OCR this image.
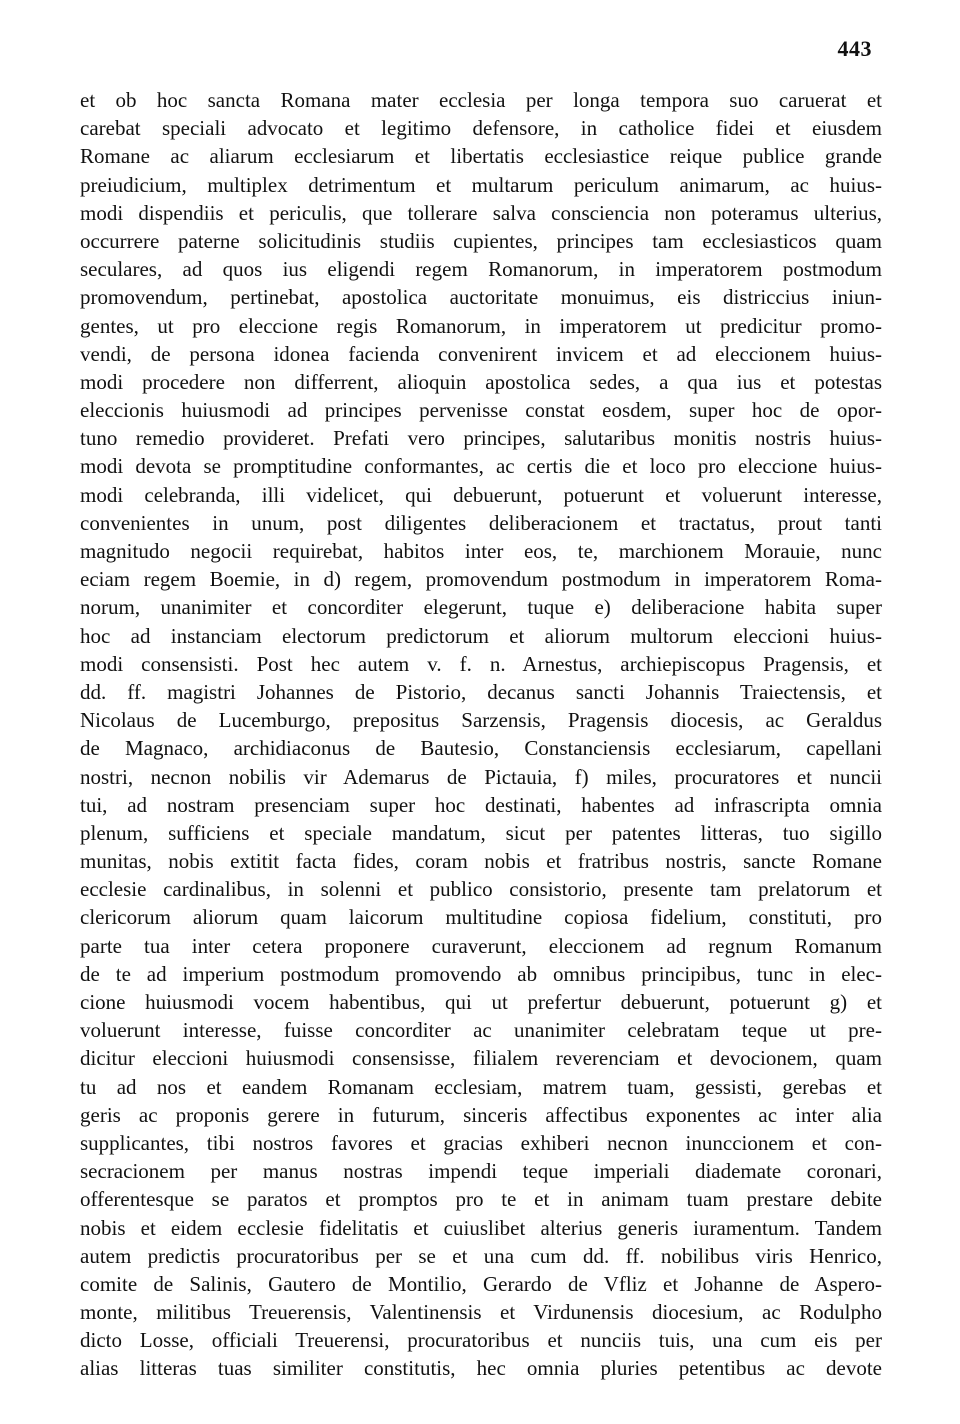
443
et ob hoc sancta Romana mater ecclesia per longa tempora suo caruerat et
carebat speciali advocato et legitimo defensore, in catholice fidei et eiusdem
Romane ac aliarum ecclesiarum et libertatis ecclesiastice reique publice grande
preiudicium, multiplex detrimentum et multarum periculum animarum, ac huius-
modi dispendiis et periculis, que tollerare salva consciencia non poteramus ulterius,
occurrere paterne solicitudinis studiis cupientes, principes tam ecclesiasticos quam
seculares, ad quos ius eligendi regem Romanorum, in imperatorem postmodum
promovendum, pertinebat, apostolica auctoritate monuimus, eis districcius iniun-
gentes, ut pro eleccione regis Romanorum, in imperatorem ut predicitur promo-
vendi, de persona idonea facienda convenirent invicem et ad eleccionem huius-
modi procedere non differrent, alioquin apostolica sedes, a qua ius et potestas
eleccionis huiusmodi ad principes pervenisse constat eosdem, super hoc de opor-
tuno remedio provideret. Prefati vero principes, salutaribus monitis nostris huius-
modi devota se promptitudine conformantes, ac certis die et loco pro eleccione huius-
modi celebranda, illi videlicet, qui debuerunt, potuerunt et voluerunt interesse,
convenientes in unum, post diligentes deliberacionem et tractatus, prout tanti
magnitudo negocii requirebat, habitos inter eos, te, marchionem Morauie, nunc
eciam regem Boemie, in d) regem, promovendum postmodum in imperatorem Roma-
norum, unanimiter et concorditer elegerunt, tuque e) deliberacione habita super
hoc ad instanciam electorum predictorum et aliorum multorum eleccioni huius-
modi consensisti. Post hec autem v. f. n. Arnestus, archiepiscopus Pragensis, et
dd. ff. magistri Johannes de Pistorio, decanus sancti Johannis Traiectensis, et
Nicolaus de Lucemburgo, prepositus Sarzensis, Pragensis diocesis, ac Geraldus
de Magnaco, archidiaconus de Bautesio, Constanciensis ecclesiarum, capellani
nostri, necnon nobilis vir Ademarus de Pictauia, f) miles, procuratores et nuncii
tui, ad nostram presenciam super hoc destinati, habentes ad infrascripta omnia
plenum, sufficiens et speciale mandatum, sicut per patentes litteras, tuo sigillo
munitas, nobis extitit facta fides, coram nobis et fratribus nostris, sancte Romane
ecclesie cardinalibus, in solenni et publico consistorio, presente tam prelatorum et
clericorum aliorum quam laicorum multitudine copiosa fidelium, constituti, pro
parte tua inter cetera proponere curaverunt, eleccionem ad regnum Romanum
de te ad imperium postmodum promovendo ab omnibus principibus, tunc in elec-
cione huiusmodi vocem habentibus, qui ut prefertur debuerunt, potuerunt g) et
voluerunt interesse, fuisse concorditer ac unanimiter celebratam teque ut pre-
dicitur eleccioni huiusmodi consensisse, filialem reverenciam et devocionem, quam
tu ad nos et eandem Romanam ecclesiam, matrem tuam, gessisti, gerebas et
geris ac proponis gerere in futurum, sinceris affectibus exponentes ac inter alia
supplicantes, tibi nostros favores et gracias exhiberi necnon inunccionem et con-
secracionem per manus nostras impendi teque imperiali diademate coronari,
offerentesque se paratos et promptos pro te et in animam tuam prestare debite
nobis et eidem ecclesie fidelitatis et cuiuslibet alterius generis iuramentum. Tandem
autem predictis procuratoribus per se et una cum dd. ff. nobilibus viris Henrico,
comite de Salinis, Gautero de Montilio, Gerardo de Vfliz et Johanne de Aspero-
monte, militibus Treuerensis, Valentinensis et Virdunensis diocesium, ac Rodulpho
dicto Losse, officiali Treuerensi, procuratoribus et nunciis tuis, una cum eis per
alias litteras tuas similiter constitutis, hec omnia pluries petentibus ac devote
